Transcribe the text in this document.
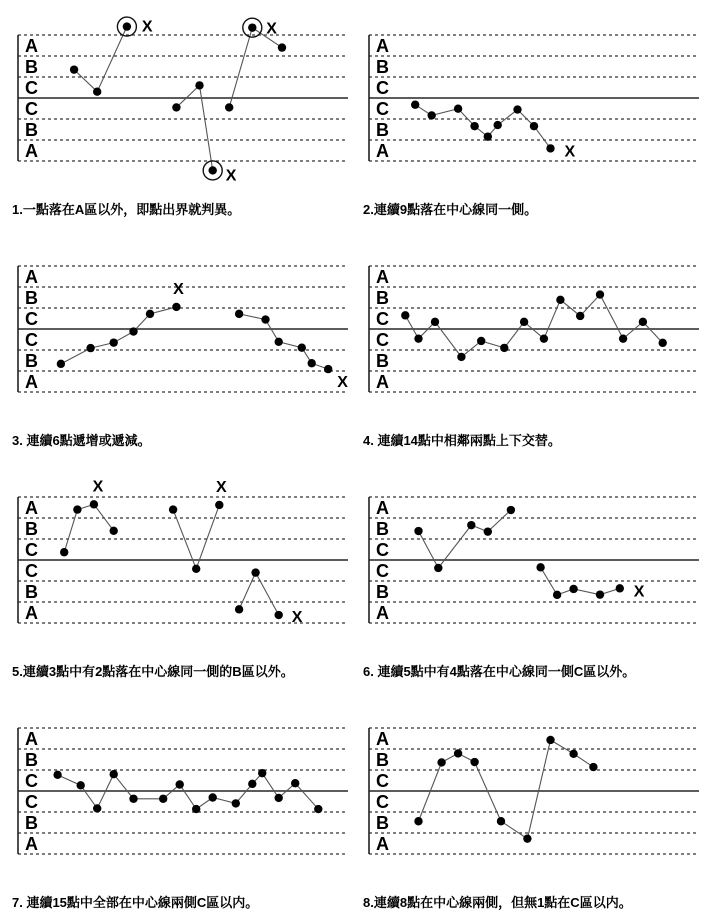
A
B
C
C
B
A
X
X
X

1.一點落在A區以外，即點出界就判異。

A
B
C
C
B
A	X

2.連續9點落在中心線同一側。

A
B
C
C
B
A
X
X

3. 連續6點遞增或遞減。

A
B
C
C
B
A

4. 連續14點中相鄰兩點上下交替。

A
B
C
C
B
A
X	X
X

5.連續3點中有2點落在中心線同一側的B區以外。

A
B
C
C
B
A
X

6. 連續5點中有4點落在中心線同一側C區以外。

A
B
C
C
B
A

7. 連續15點中全部在中心線兩側C區以内。

A
B
C
C
B
A

8.連續8點在中心線兩側，但無1點在C區以内。
